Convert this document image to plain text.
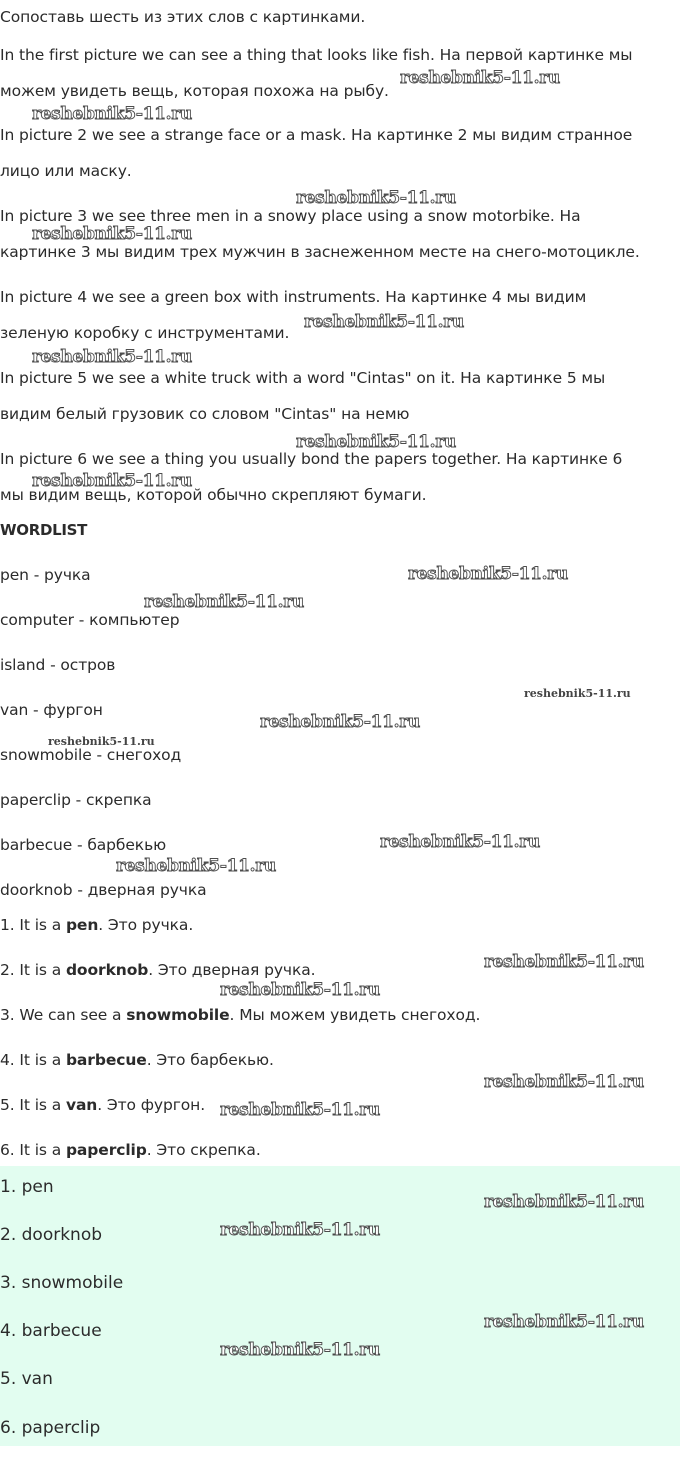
Сопоставь шесть из этих слов с картинками.
In the first picture we can see a thing that looks like fish. На первой картинке мы
можем увидеть вещь, которая похожа на рыбу.
In picture 2 we see a strange face or a mask. На картинке 2 мы видим странное
лицо или маску.
In picture 3 we see three men in a snowy place using a snow motorbike. На
картинке 3 мы видим трех мужчин в заснеженном месте на снего-мотоцикле.
In picture 4 we see a green box with instruments. На картинке 4 мы видим
зеленую коробку с инструментами.
In picture 5 we see a white truck with a word "Cintas" on it. На картинке 5 мы
видим белый грузовик со словом "Cintas" на немю
In picture 6 we see a thing you usually bond the papers together. На картинке 6
мы видим вещь, которой обычно скрепляют бумаги.
WORDLIST
pen - ручка
computer - компьютер
island - остров
van - фургон
snowmobile - снегоход
paperclip - скрепка
barbecue - барбекью
doorknob - дверная ручка
1. It is a pen. Это ручка.
2. It is a doorknob. Это дверная ручка.
3. We can see a snowmobile. Мы можем увидеть снегоход.
4. It is a barbecue. Это барбекью.
5. It is a van. Это фургон.
6. It is a paperclip. Это скрепка.
1. pen
2. doorknob
3. snowmobile
4. barbecue
5. van
6. paperclip
reshebnik5-11.ru
reshebnik5-11.ru
reshebnik5-11.ru
reshebnik5-11.ru
reshebnik5-11.ru
reshebnik5-11.ru
reshebnik5-11.ru
reshebnik5-11.ru
reshebnik5-11.ru
reshebnik5-11.ru
reshebnik5-11.ru
reshebnik5-11.ru
reshebnik5-11.ru
reshebnik5-11.ru
reshebnik5-11.ru
reshebnik5-11.ru
reshebnik5-11.ru
reshebnik5-11.ru
reshebnik5-11.ru
reshebnik5-11.ru
reshebnik5-11.ru
reshebnik5-11.ru
reshebnik5-11.ru
